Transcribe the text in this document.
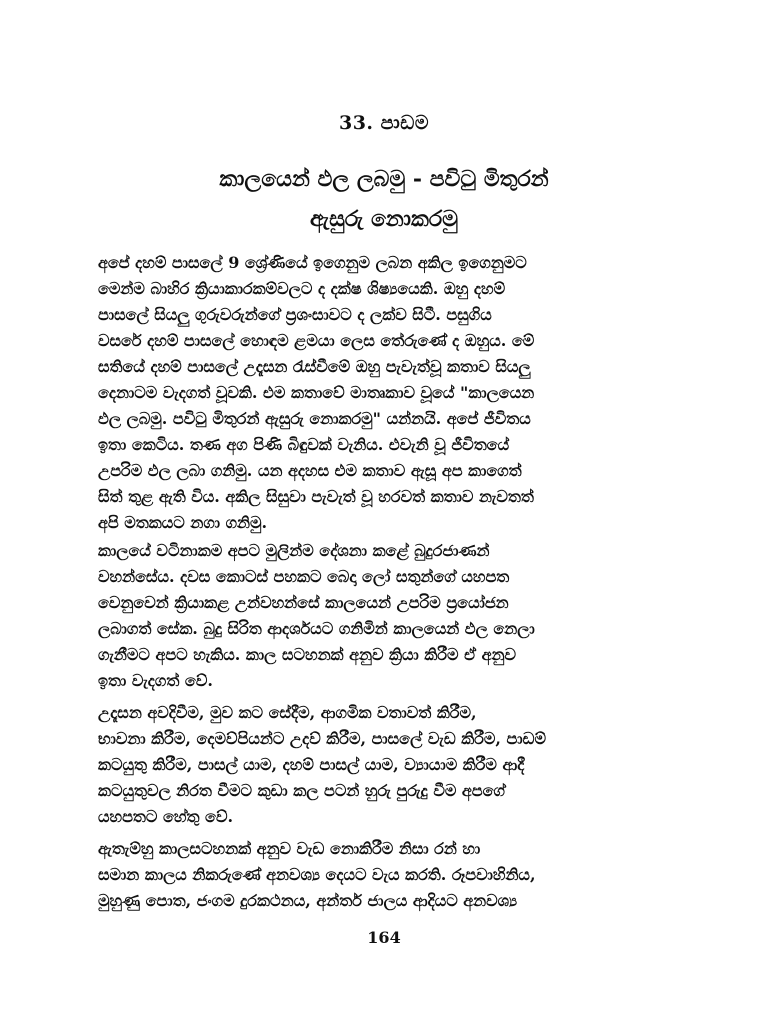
33. පාඩම
කාලයෙන් ඵල ලබමු - පවිටු මිතුරන්
ඇසුරු නොකරමු
අපේ දහම් පාසලේ 9 ශ්‍රේණියේ ඉගෙනුම ලබන අකිල ඉගෙනුමට
මෙන්ම බාහිර ක්‍රියාකාරකම්වලට ද දක්ෂ ශිෂ්‍යයෙකි. ඔහු දහම්
පාසලේ සියලු ගුරුවරුන්ගේ ප්‍රශංසාවට ද ලක්ව සිටී. පසුගිය
වසරේ දහම් පාසලේ හොඳම ළමයා ලෙස තේරුණේ ද ඔහුය. මේ
සතියේ දහම් පාසලේ උදෑසන රැස්වීමේ ඔහු පැවැත්වූ කතාව සියලු
දෙනාටම වැදගත් වූවකි. එම කතාවේ මාතෘකාව වූයේ "කාලයෙන
ඵල ලබමු. පවිටු මිතුරන් ඇසුරු නොකරමු" යන්නයි. අපේ ජීවිතය
ඉතා කෙටිය. තණ අග පිණි බිඳුවක් වැනිය. එවැනි වූ ජීවිතයේ
උපරිම ඵල ලබා ගනිමු. යන අදහස එම කතාව ඇසූ අප කාගෙත්
සිත් තුළ ඇති විය. අකිල සිසුවා පැවැත් වූ හරවත් කතාව නැවතත්
අපි මතකයට නගා ගනිමු.
කාලයේ වටිනාකම අපට මුලින්ම දේශනා කළේ බුදුරජාණන්
වහන්සේය. දවස කොටස් පහකට බෙදා ලෝ සතුන්ගේ යහපත
වෙනුවෙන් ක්‍රියාකළ උන්වහන්සේ කාලයෙන් උපරිම ප්‍රයෝජන
ලබාගත් සේක. බුදු සිරිත ආදර්ශයට ගනිමින් කාලයෙන් ඵල නෙලා
ගැනීමට අපට හැකිය. කාල සටහනක් අනුව ක්‍රියා කිරීම ඒ අනුව
ඉතා වැදගත් වේ.
උදෑසන අවදිවීම, මුව කට සේදීම, ආගමික වතාවත් කිරීම,
භාවනා කිරීම, දෙමව්පියන්ට උදව් කිරීම, පාසලේ වැඩ කිරීම, පාඩම්
කටයුතු කිරීම, පාසල් යාම, දහම් පාසල් යාම, ව්‍යායාම කිරීම ආදී
කටයුතුවල නිරත වීමට කුඩා කල පටන් හුරු පුරුදු වීම අපගේ
යහපතට හේතු වේ.
ඇතැම්හු කාලසටහනක් අනුව වැඩ නොකිරීම නිසා රන් හා
සමාන කාලය නිකරුණේ අනවශ්‍ය දෙයට වැය කරති. රූපවාහිනිය,
මුහුණු පොත, ජංගම දුරකථනය, අන්තර් ජාලය ආදියට අනවශ්‍ය
164
